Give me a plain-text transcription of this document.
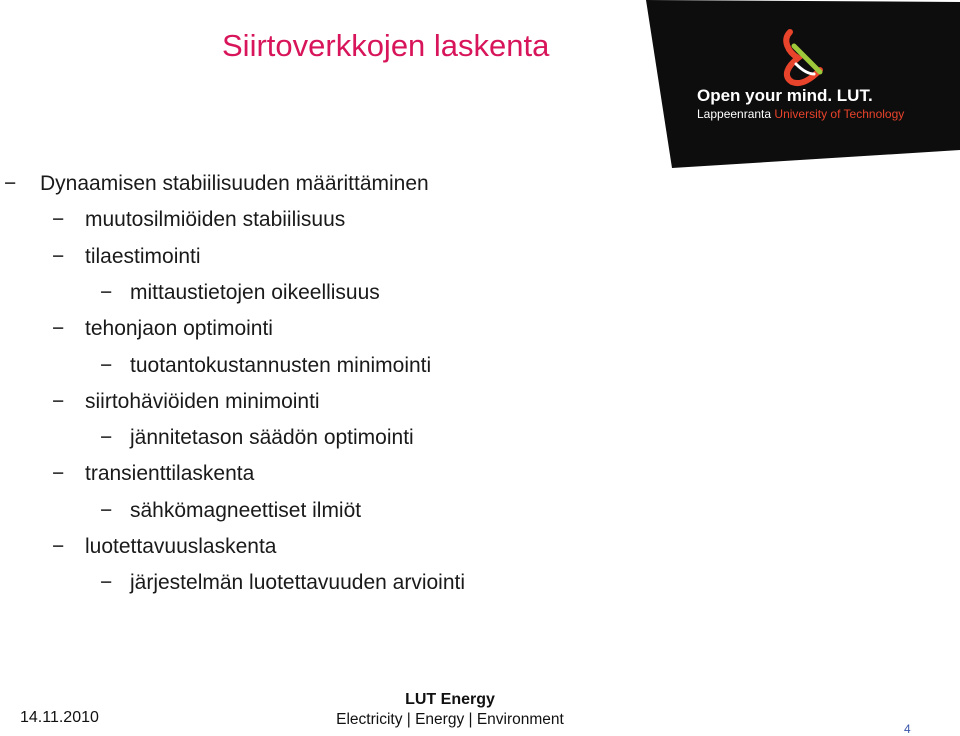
Siirtoverkkojen laskenta
Open your mind. LUT.
Lappeenranta University of Technology
− Dynaamisen stabiilisuuden määrittäminen
− muutosilmiöiden stabiilisuus
− tilaestimointi
− mittaustietojen oikeellisuus
− tehonjaon optimointi
− tuotantokustannusten minimointi
− siirtohäviöiden minimointi
− jännitetason säädön optimointi
− transienttilaskenta
− sähkömagneettiset ilmiöt
− luotettavuuslaskenta
− järjestelmän luotettavuuden arviointi
14.11.2010
LUT Energy
Electricity | Energy | Environment
4
